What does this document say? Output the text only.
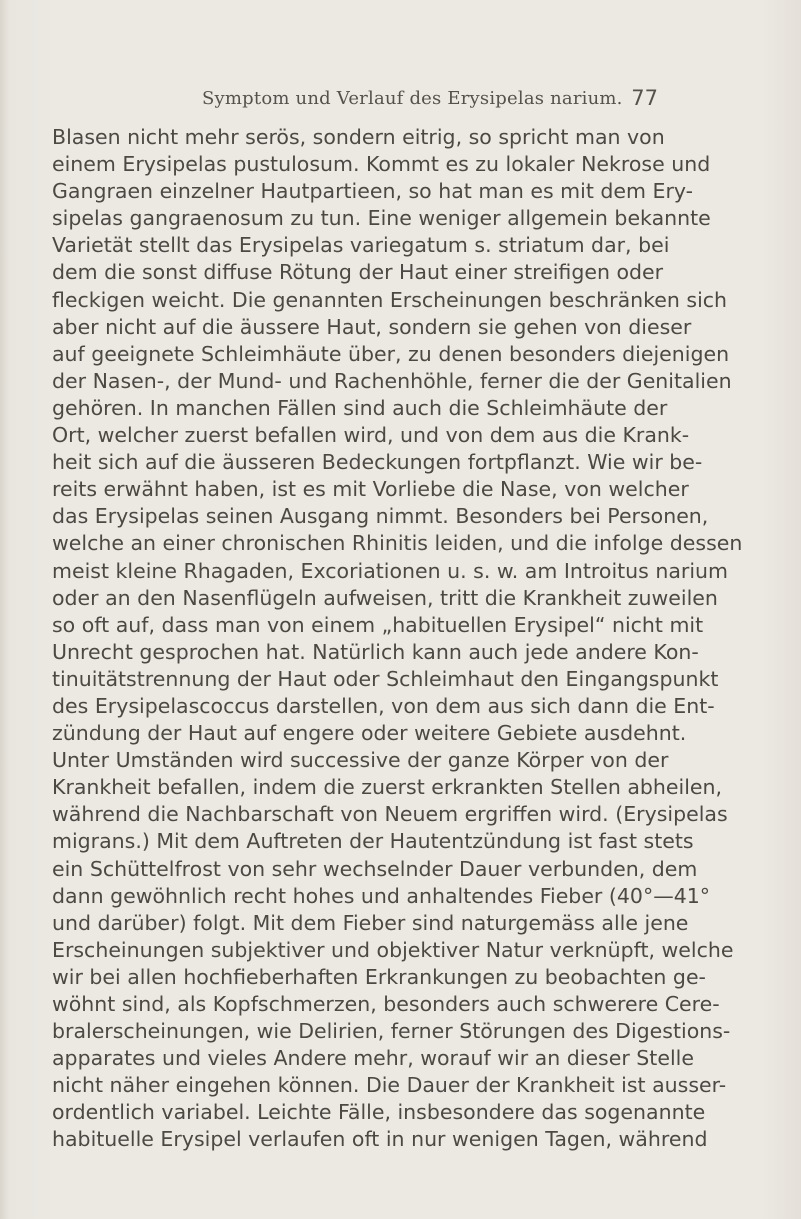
Symptom und Verlauf des Erysipelas narium. 77
Blasen nicht mehr serös, sondern eitrig, so spricht man von
einem Erysipelas pustulosum. Kommt es zu lokaler Nekrose und
Gangraen einzelner Hautpartieen, so hat man es mit dem Ery-
sipelas gangraenosum zu tun. Eine weniger allgemein bekannte
Varietät stellt das Erysipelas variegatum s. striatum dar, bei
dem die sonst diffuse Rötung der Haut einer streifigen oder
fleckigen weicht. Die genannten Erscheinungen beschränken sich
aber nicht auf die äussere Haut, sondern sie gehen von dieser
auf geeignete Schleimhäute über, zu denen besonders diejenigen
der Nasen-, der Mund- und Rachenhöhle, ferner die der Genitalien
gehören. In manchen Fällen sind auch die Schleimhäute der
Ort, welcher zuerst befallen wird, und von dem aus die Krank-
heit sich auf die äusseren Bedeckungen fortpflanzt. Wie wir be-
reits erwähnt haben, ist es mit Vorliebe die Nase, von welcher
das Erysipelas seinen Ausgang nimmt. Besonders bei Personen,
welche an einer chronischen Rhinitis leiden, und die infolge dessen
meist kleine Rhagaden, Excoriationen u. s. w. am Introitus narium
oder an den Nasenflügeln aufweisen, tritt die Krankheit zuweilen
so oft auf, dass man von einem „habituellen Erysipel“ nicht mit
Unrecht gesprochen hat. Natürlich kann auch jede andere Kon-
tinuitätstrennung der Haut oder Schleimhaut den Eingangspunkt
des Erysipelascoccus darstellen, von dem aus sich dann die Ent-
zündung der Haut auf engere oder weitere Gebiete ausdehnt.
Unter Umständen wird successive der ganze Körper von der
Krankheit befallen, indem die zuerst erkrankten Stellen abheilen,
während die Nachbarschaft von Neuem ergriffen wird. (Erysipelas
migrans.) Mit dem Auftreten der Hautentzündung ist fast stets
ein Schüttelfrost von sehr wechselnder Dauer verbunden, dem
dann gewöhnlich recht hohes und anhaltendes Fieber (40°—41°
und darüber) folgt. Mit dem Fieber sind naturgemäss alle jene
Erscheinungen subjektiver und objektiver Natur verknüpft, welche
wir bei allen hochfieberhaften Erkrankungen zu beobachten ge-
wöhnt sind, als Kopfschmerzen, besonders auch schwerere Cere-
bralerscheinungen, wie Delirien, ferner Störungen des Digestions-
apparates und vieles Andere mehr, worauf wir an dieser Stelle
nicht näher eingehen können. Die Dauer der Krankheit ist ausser-
ordentlich variabel. Leichte Fälle, insbesondere das sogenannte
habituelle Erysipel verlaufen oft in nur wenigen Tagen, während
